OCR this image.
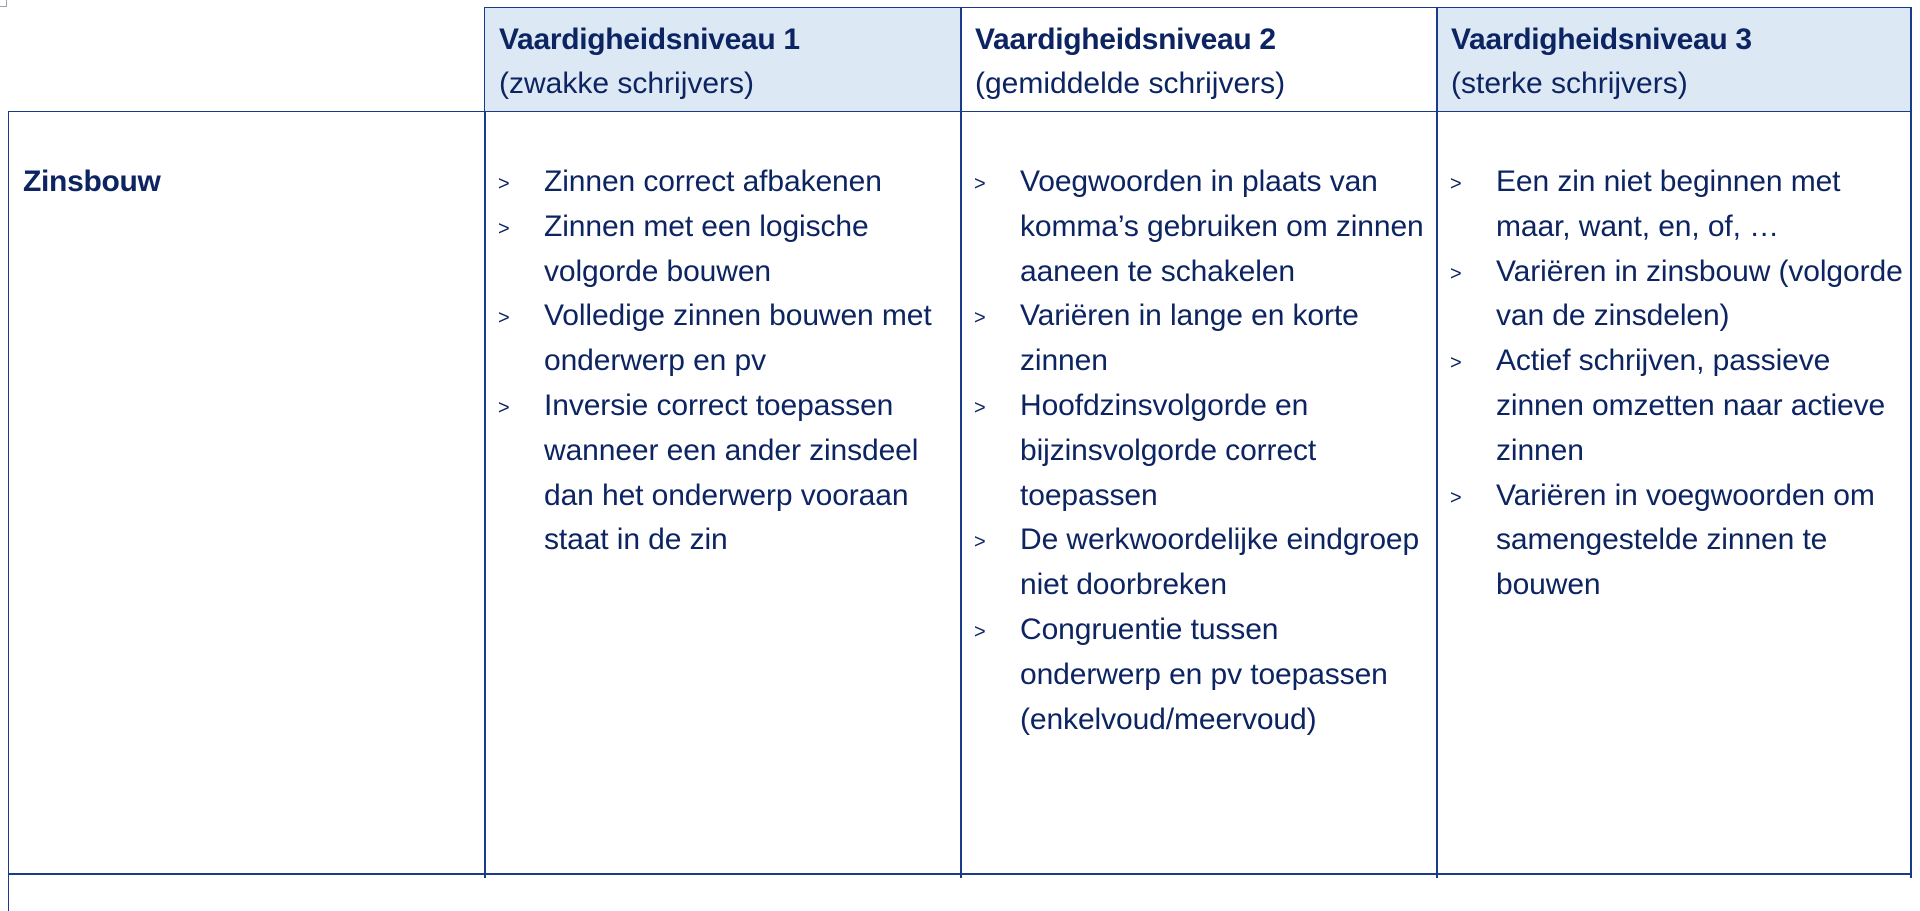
Vaardigheidsniveau 1
(zwakke schrijvers)
Vaardigheidsniveau 2
(gemiddelde schrijvers)
Vaardigheidsniveau 3
(sterke schrijvers)
Zinsbouw	> Zinnen correct afbakenen
> Zinnen met een logische volgorde bouwen
> Volledige zinnen bouwen met onderwerp en pv
> Inversie correct toepassen wanneer een ander zinsdeel dan het onderwerp vooraan staat in de zin
> Voegwoorden in plaats van komma’s gebruiken om zinnen aaneen te schakelen
> Variëren in lange en korte zinnen
> Hoofdzinsvolgorde en bijzinsvolgorde correct toepassen
> De werkwoordelijke eindgroep niet doorbreken
> Congruentie tussen onderwerp en pv toepassen (enkelvoud/meervoud)
> Een zin niet beginnen met maar, want, en, of, …
> Variëren in zinsbouw (volgorde van de zinsdelen)
> Actief schrijven, passieve zinnen omzetten naar actieve zinnen
> Variëren in voegwoorden om samengestelde zinnen te bouwen
